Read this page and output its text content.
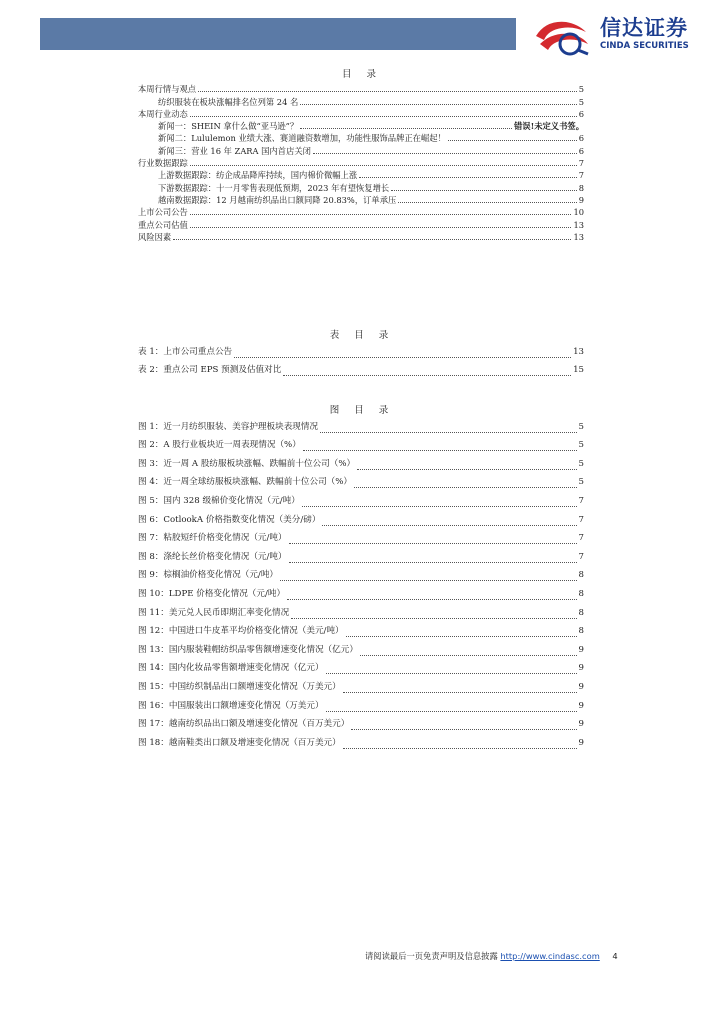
信达证券
CINDA SECURITIES
目 录
本周行情与观点	5
纺织服装在板块涨幅排名位列第 24 名	5
本周行业动态	6
新闻一：SHEIN 拿什么做“亚马逊”？	错误!未定义书签。
新闻二：Lululemon 业绩大涨、赛道融资数增加，功能性服饰品牌正在崛起！	6
新闻三：营业 16 年 ZARA 国内首店关闭	6
行业数据跟踪	7
上游数据跟踪：纺企成品降库持续，国内棉价微幅上涨	7
下游数据跟踪：十一月零售表现低预期，2023 年有望恢复增长	8
越南数据跟踪：12 月越南纺织品出口额同降 20.83%，订单承压	9
上市公司公告	10
重点公司估值	13
风险因素	13
表 目 录
表 1：上市公司重点公告	13
表 2：重点公司 EPS 预测及估值对比	15
图 目 录
图 1：近一月纺织服装、美容护理板块表现情况	5
图 2：A 股行业板块近一周表现情况（%）	5
图 3：近一周 A 股纺服板块涨幅、跌幅前十位公司（%）	5
图 4：近一周全球纺服板块涨幅、跌幅前十位公司（%）	5
图 5：国内 328 级棉价变化情况（元/吨）	7
图 6：CotlookA 价格指数变化情况（美分/磅）	7
图 7：粘胶短纤价格变化情况（元/吨）	7
图 8：涤纶长丝价格变化情况（元/吨）	7
图 9：棕榈油价格变化情况（元/吨）	8
图 10：LDPE 价格变化情况（元/吨）	8
图 11：美元兑人民币即期汇率变化情况	8
图 12：中国进口牛皮革平均价格变化情况（美元/吨）	8
图 13：国内服装鞋帽纺织品零售额增速变化情况（亿元）	9
图 14：国内化妆品零售额增速变化情况（亿元）	9
图 15：中国纺织制品出口额增速变化情况（万美元）	9
图 16：中国服装出口额增速变化情况（万美元）	9
图 17：越南纺织品出口额及增速变化情况（百万美元）	9
图 18：越南鞋类出口额及增速变化情况（百万美元）	9
请阅读最后一页免责声明及信息披露 http://www.cindasc.com 4
